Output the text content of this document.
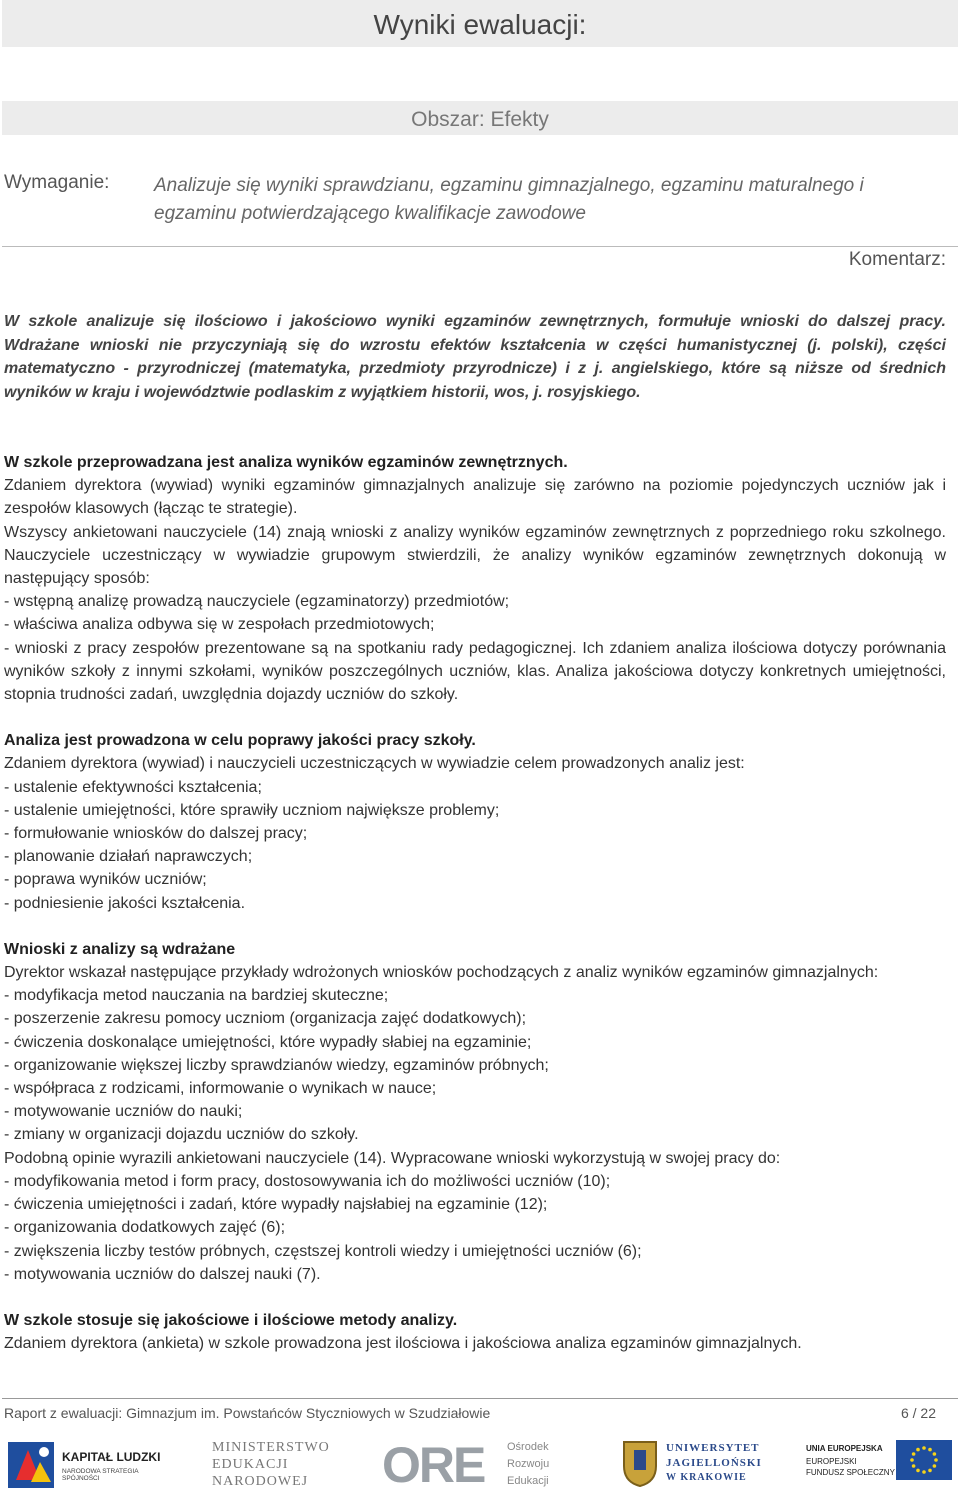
Wyniki ewaluacji:
Obszar: Efekty
Wymaganie: Analizuje się wyniki sprawdzianu, egzaminu gimnazjalnego, egzaminu maturalnego i egzaminu potwierdzającego kwalifikacje zawodowe
Komentarz:

W szkole analizuje się ilościowo i jakościowo wyniki egzaminów zewnętrznych, formułuje wnioski do dalszej pracy. Wdrażane wnioski nie przyczyniają się do wzrostu efektów kształcenia w części humanistycznej (j. polski), części matematyczno - przyrodniczej (matematyka, przedmioty przyrodnicze) i z j. angielskiego, które są niższe od średnich wyników w kraju i województwie podlaskim z wyjątkiem historii, wos, j. rosyjskiego.

W szkole przeprowadzana jest analiza wyników egzaminów zewnętrznych.

Zdaniem dyrektora (wywiad) wyniki egzaminów gimnazjalnych analizuje się zarówno na poziomie pojedynczych uczniów jak i zespołów klasowych (łącząc te strategie).

Wszyscy ankietowani nauczyciele (14) znają wnioski z analizy wyników egzaminów zewnętrznych z poprzedniego roku szkolnego. Nauczyciele uczestniczący w wywiadzie grupowym stwierdzili, że analizy wyników egzaminów zewnętrznych dokonują w następujący sposób:

- wstępną analizę prowadzą nauczyciele (egzaminatorzy) przedmiotów;

- właściwa analiza odbywa się w zespołach przedmiotowych;

- wnioski z pracy zespołów prezentowane są na spotkaniu rady pedagogicznej. Ich zdaniem analiza ilościowa dotyczy porównania wyników szkoły z innymi szkołami, wyników poszczególnych uczniów, klas. Analiza jakościowa dotyczy konkretnych umiejętności, stopnia trudności zadań, uwzględnia dojazdy uczniów do szkoły.

Analiza jest prowadzona w celu poprawy jakości pracy szkoły.

Zdaniem dyrektora (wywiad) i nauczycieli uczestniczących w wywiadzie celem prowadzonych analiz jest:

- ustalenie efektywności kształcenia;

- ustalenie umiejętności, które sprawiły uczniom największe problemy;

- formułowanie wniosków do dalszej pracy;

- planowanie działań naprawczych;

- poprawa wyników uczniów;

- podniesienie jakości kształcenia.

Wnioski z analizy są wdrażane

Dyrektor wskazał następujące przykłady wdrożonych wniosków pochodzących z analiz wyników egzaminów gimnazjalnych:

- modyfikacja metod nauczania na bardziej skuteczne;

- poszerzenie zakresu pomocy uczniom (organizacja zajęć dodatkowych);

- ćwiczenia doskonalące umiejętności, które wypadły słabiej na egzaminie;

- organizowanie większej liczby sprawdzianów wiedzy, egzaminów próbnych;

- współpraca z rodzicami, informowanie o wynikach w nauce;

- motywowanie uczniów do nauki;

- zmiany w organizacji dojazdu uczniów do szkoły.

Podobną opinie wyrazili ankietowani nauczyciele (14). Wypracowane wnioski wykorzystują w swojej pracy do:

- modyfikowania metod i form pracy, dostosowywania ich do możliwości uczniów (10);

- ćwiczenia umiejętności i zadań, które wypadły najsłabiej na egzaminie (12);

- organizowania dodatkowych zajęć (6);

- zwiększenia liczby testów próbnych, częstszej kontroli wiedzy i umiejętności uczniów (6);

- motywowania uczniów do dalszej nauki (7).

W szkole stosuje się jakościowe i ilościowe metody analizy.

Zdaniem dyrektora (ankieta) w szkole prowadzona jest ilościowa i jakościowa analiza egzaminów gimnazjalnych.

Raport z ewaluacji: Gimnazjum im. Powstańców Styczniowych w Szudziałowie	6 / 22
KAPITAŁ LUDZKI
NARODOWA STRATEGIA SPÓJNOŚCI
MINISTERSTWO
EDUKACJI
NARODOWEJ ORE Ośrodek
Rozwoju
Edukacji
UNIWERSYTET
JAGIELLOŃSKI
W KRAKOWIE
UNIA EUROPEJSKA
EUROPEJSKI
FUNDUSZ SPOŁECZNY
